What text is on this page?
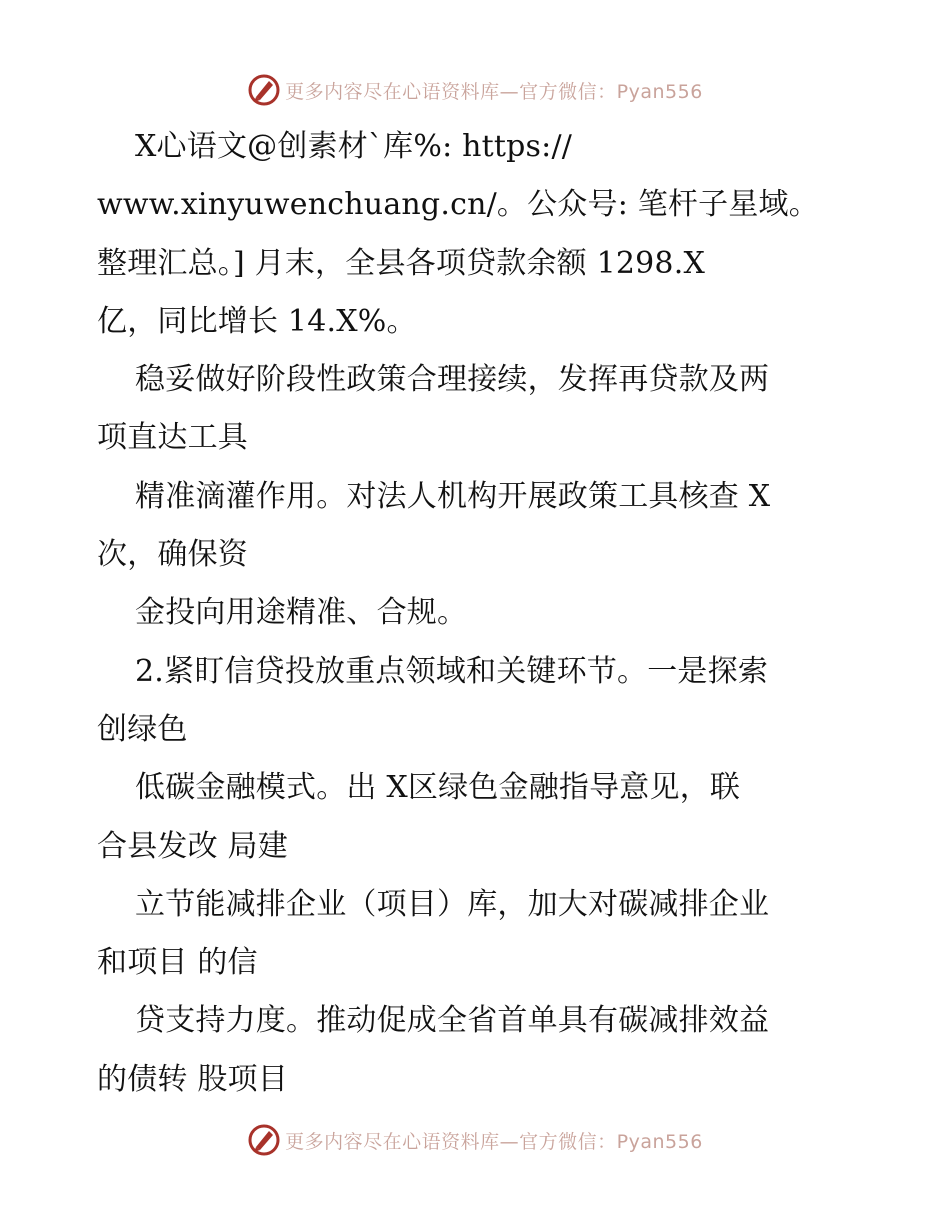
更多内容尽在心语资料库—官方微信：Pyan556
X心语文@创素材`库%: https://
www.xinyuwenchuang.cn/。公众号: 笔杆子星域。
整理汇总。] 月末，全县各项贷款余额 1298.X
亿，同比增长 14.X%。
稳妥做好阶段性政策合理接续，发挥再贷款及两
项直达工具
精准滴灌作用。对法人机构开展政策工具核查 X
次，确保资
金投向用途精准、合规。
2.紧盯信贷投放重点领域和关键环节。一是探索
创绿色
低碳金融模式。出 X区绿色金融指导意见，联
合县发改 局建
立节能减排企业（项目）库，加大对碳减排企业
和项目 的信
贷支持力度。推动促成全省首单具有碳减排效益
的债转 股项目
更多内容尽在心语资料库—官方微信：Pyan556
